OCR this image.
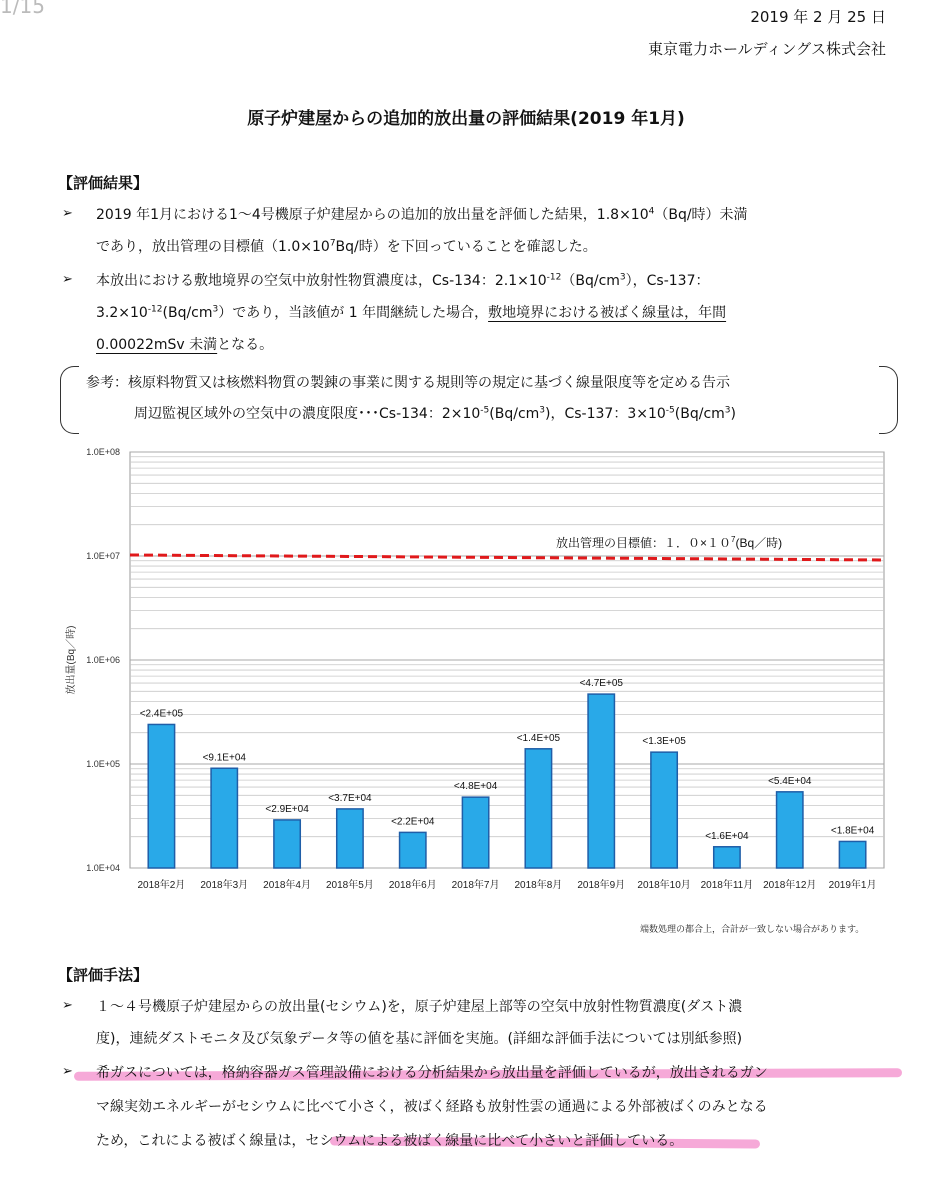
1/15	2019 年 2 月 25 日
東京電力ホールディングス株式会社
原子炉建屋からの追加的放出量の評価結果(2019 年1月)
【評価結果】
➢ 2019 年1月における1～4号機原子炉建屋からの追加的放出量を評価した結果，$1.8\times 10^4(Bq/$時）未満
であり，放出管理の目標値（$1.0\times 10^7Bq/$時）を下回っていることを確認した。
➢ 本放出における敷地境界の空気中放射性物質濃度は，Cs-134：$2.1\times 10^{-12}(Bq/cm^3)$，Cs-137：
$3.2\times 10^{-12}(Bq/cm^3)$であり，当該値が 1 年間継続した場合，敷地境界における被ばく線量は，年間
0.00022mSv 未満となる。
参考：核原料物質又は核燃料物質の製錬の事業に関する規則等の規定に基づく線量限度等を定める告示
周辺監視区域外の空気中の濃度限度･･･Cs-134：$2\times 10^{-5}(Bq/cm^3)$，Cs-137：$3\times 10^{-5}(Bq/cm^3)$
1.0E+04
1.0E+05
1.0E+06
1.0E+07
1.0E+08
放出量(Bq／時)
<2.4E+05
2018年2月
<9.1E+04
2018年3月
<2.9E+04
2018年4月
<3.7E+04
2018年5月
<2.2E+04
2018年6月
<4.8E+04
2018年7月
<1.4E+05
2018年8月
<4.7E+05
2018年9月
<1.3E+05
2018年10月
<1.6E+04
2018年11月
<5.4E+04
2018年12月
<1.8E+04
2019年1月
放出管理の目標値：１．$0\times 10^7(Bq/$時)
端数処理の都合上，合計が一致しない場合があります。
【評価手法】
➢ １～４号機原子炉建屋からの放出量(セシウム)を，原子炉建屋上部等の空気中放射性物質濃度(ダスト濃
度)，連続ダストモニタ及び気象データ等の値を基に評価を実施。(詳細な評価手法については別紙参照)
➢ 希ガスについては，格納容器ガス管理設備における分析結果から放出量を評価しているが，放出されるガン
マ線実効エネルギーがセシウムに比べて小さく，被ばく経路も放射性雲の通過による外部被ばくのみとなる
ため，これによる被ばく線量は，セシウムによる被ばく線量に比べて小さいと評価している。
